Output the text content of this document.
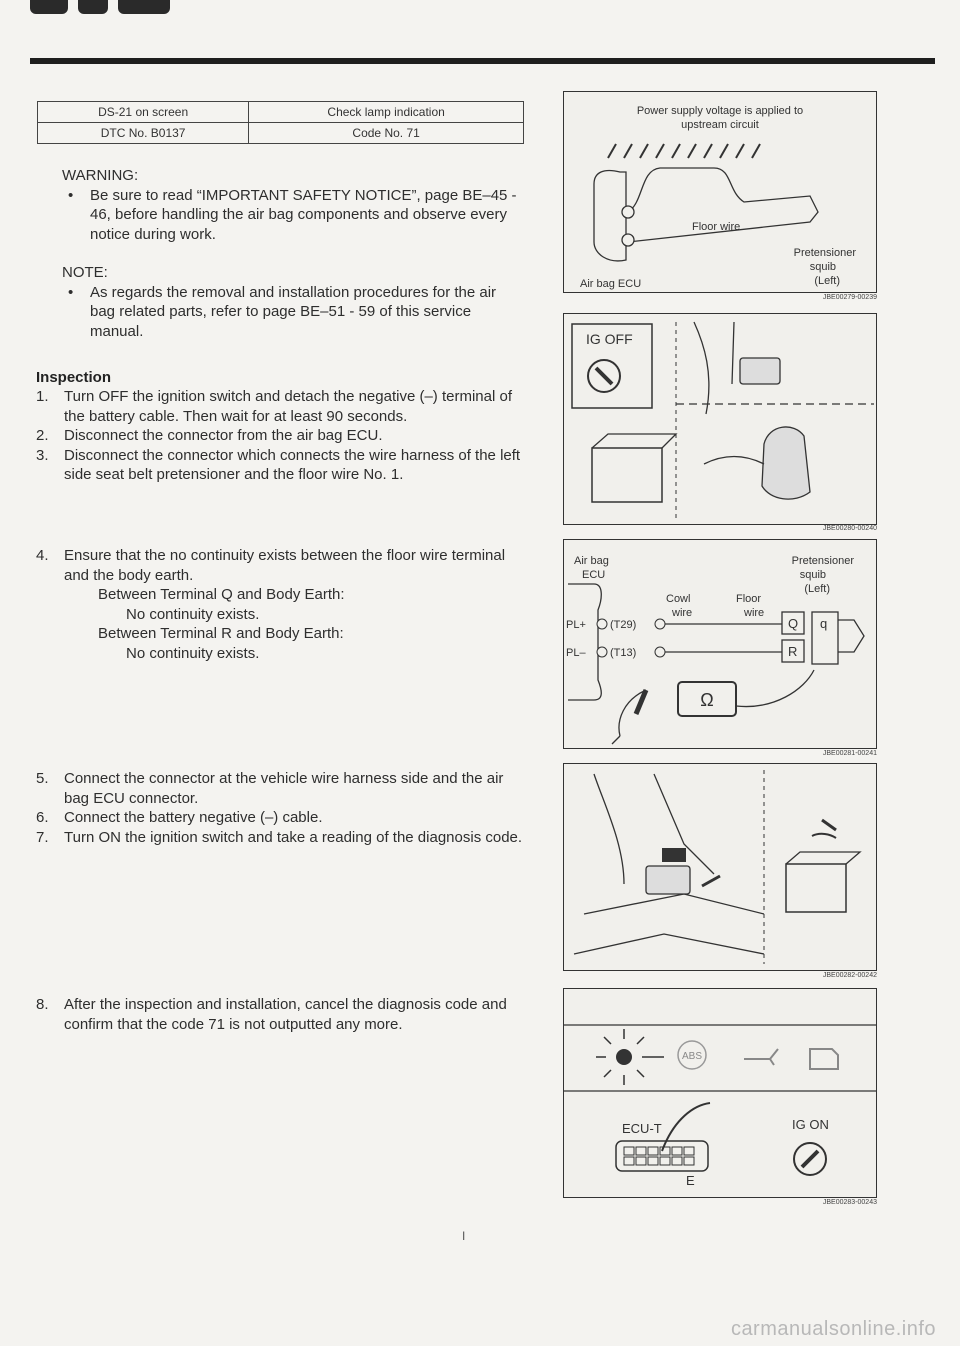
DS-21 on screen	Check lamp indication
DTC No. B0137	Code No. 71
WARNING:
• Be sure to read “IMPORTANT SAFETY NOTICE”, page BE–45 - 46, before handling the air bag components and observe every notice during work.
NOTE:
• As regards the removal and installation procedures for the air bag related parts, refer to page BE–51 - 59 of this service manual.
Inspection
1. Turn OFF the ignition switch and detach the negative (–) terminal of the battery cable. Then wait for at least 90 seconds.
2. Disconnect the connector from the air bag ECU.
3. Disconnect the connector which connects the wire harness of the left side seat belt pretensioner and the floor wire No. 1.
4. Ensure that the no continuity exists between the floor wire terminal and the body earth.
Between Terminal Q and Body Earth:
No continuity exists.
Between Terminal R and Body Earth:
No continuity exists.
5. Connect the connector at the vehicle wire harness side and the air bag ECU connector.
6. Connect the battery negative (–) cable.
7. Turn ON the ignition switch and take a reading of the diagnosis code.
8. After the inspection and installation, cancel the diagnosis code and confirm that the code 71 is not outputted any more.
Power supply voltage is applied to
upstream circuit
Floor wire
Air bag ECU
Pretensioner
squib
(Left)
JBE00279-00239
IG OFF
JBE00280-00240
Air bag
ECU
Pretensioner
squib
(Left)
Cowl
wire
Floor
wire
PL+
PL–
(T29)
(T13)
Q
R
q
Ω
JBE00281-00241
JBE00282-00242
ABS
ECU-T
E
IG ON
JBE00283-00243
I
carmanualsonline.info
